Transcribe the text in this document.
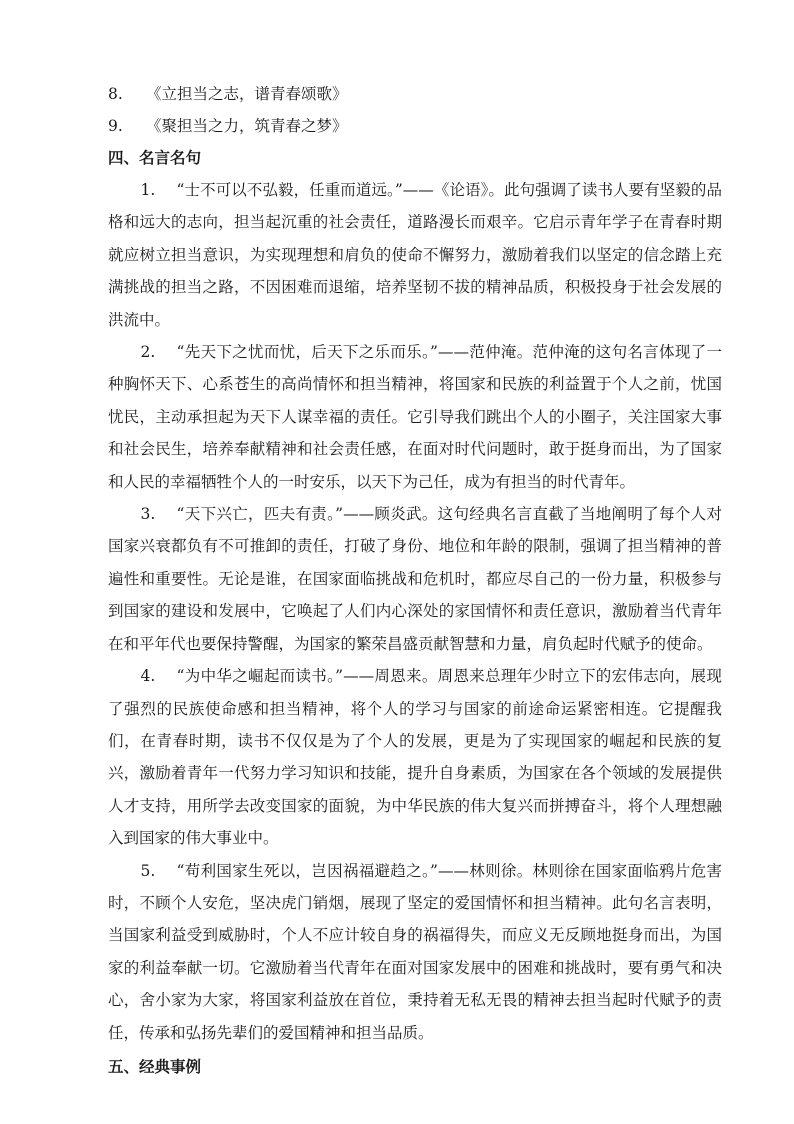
8. 《立担当之志，谱青春颂歌》
9. 《聚担当之力，筑青春之梦》
四、名言名句

1. “士不可以不弘毅，任重而道远。”——《论语》。此句强调了读书人要有坚毅的品格和远大的志向，担当起沉重的社会责任，道路漫长而艰辛。它启示青年学子在青春时期就应树立担当意识，为实现理想和肩负的使命不懈努力，激励着我们以坚定的信念踏上充满挑战的担当之路，不因困难而退缩，培养坚韧不拔的精神品质，积极投身于社会发展的洪流中。

2. “先天下之忧而忧，后天下之乐而乐。”——范仲淹。范仲淹的这句名言体现了一种胸怀天下、心系苍生的高尚情怀和担当精神，将国家和民族的利益置于个人之前，忧国忧民，主动承担起为天下人谋幸福的责任。它引导我们跳出个人的小圈子，关注国家大事和社会民生，培养奉献精神和社会责任感，在面对时代问题时，敢于挺身而出，为了国家和人民的幸福牺牲个人的一时安乐，以天下为己任，成为有担当的时代青年。

3. “天下兴亡，匹夫有责。”——顾炎武。这句经典名言直截了当地阐明了每个人对国家兴衰都负有不可推卸的责任，打破了身份、地位和年龄的限制，强调了担当精神的普遍性和重要性。无论是谁，在国家面临挑战和危机时，都应尽自己的一份力量，积极参与到国家的建设和发展中，它唤起了人们内心深处的家国情怀和责任意识，激励着当代青年在和平年代也要保持警醒，为国家的繁荣昌盛贡献智慧和力量，肩负起时代赋予的使命。

4. “为中华之崛起而读书。”——周恩来。周恩来总理年少时立下的宏伟志向，展现了强烈的民族使命感和担当精神，将个人的学习与国家的前途命运紧密相连。它提醒我们，在青春时期，读书不仅仅是为了个人的发展，更是为了实现国家的崛起和民族的复兴，激励着青年一代努力学习知识和技能，提升自身素质，为国家在各个领域的发展提供人才支持，用所学去改变国家的面貌，为中华民族的伟大复兴而拼搏奋斗，将个人理想融入到国家的伟大事业中。

5. “苟利国家生死以，岂因祸福避趋之。”——林则徐。林则徐在国家面临鸦片危害时，不顾个人安危，坚决虎门销烟，展现了坚定的爱国情怀和担当精神。此句名言表明，当国家利益受到威胁时，个人不应计较自身的祸福得失，而应义无反顾地挺身而出，为国家的利益奉献一切。它激励着当代青年在面对国家发展中的困难和挑战时，要有勇气和决心，舍小家为大家，将国家利益放在首位，秉持着无私无畏的精神去担当起时代赋予的责任，传承和弘扬先辈们的爱国精神和担当品质。

五、经典事例
